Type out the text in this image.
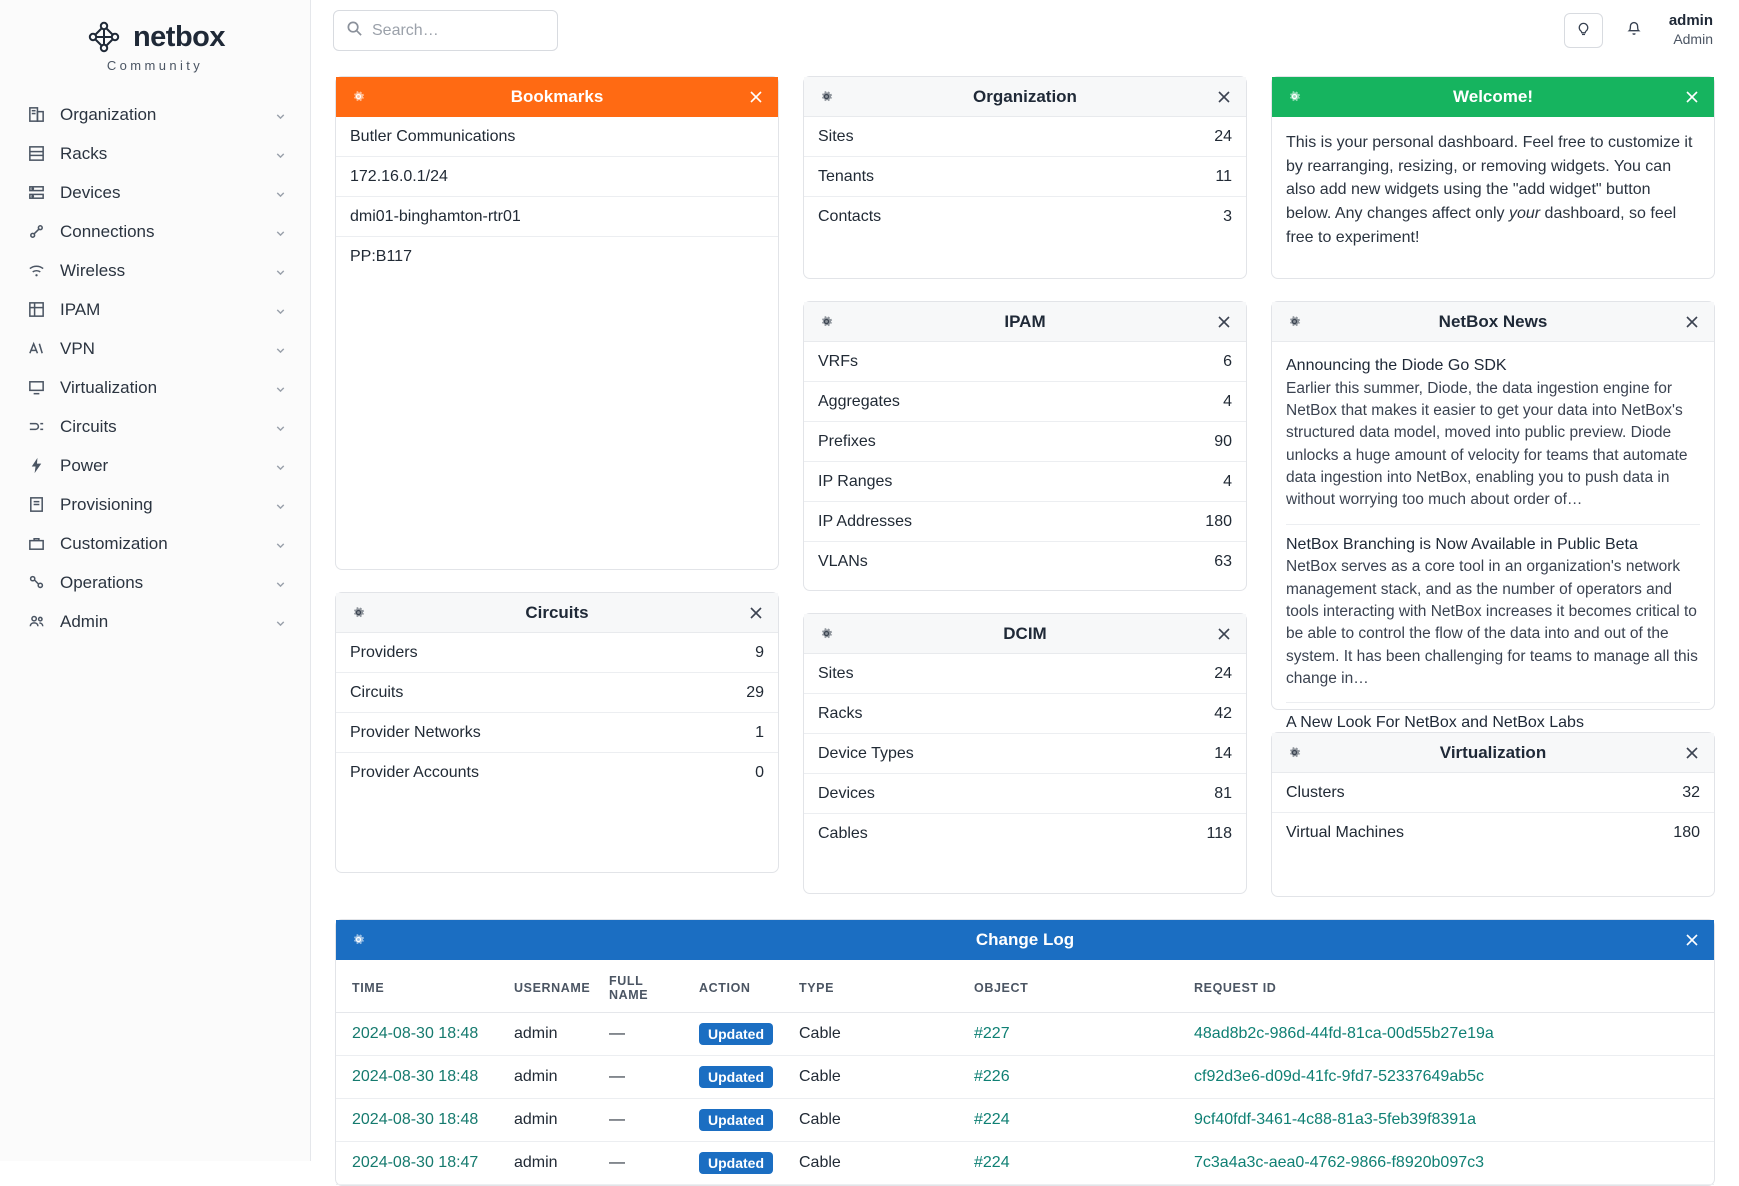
netbox
Community
Organization
Racks
Devices
Connections
Wireless
IPAM
VPN
Virtualization
Circuits
Power
Provisioning
Customization
Operations
Admin
Search…
admin
Admin
Bookmarks
Butler Communications
172.16.0.1/24
dmi01-binghamton-rtr01
PP:B117
Circuits
Providers	9
Circuits	29
Provider Networks	1
Provider Accounts	0
Organization
Sites	24
Tenants	11
Contacts	3
IPAM
VRFs	6
Aggregates	4
Prefixes	90
IP Ranges	4
IP Addresses	180
VLANs	63
DCIM
Sites	24
Racks	42
Device Types	14
Devices	81
Cables	118
Welcome!
This is your personal dashboard. Feel free to customize it by rearranging, resizing, or removing widgets. You can also add new widgets using the "add widget" button below. Any changes affect only your dashboard, so feel free to experiment!
NetBox News
Announcing the Diode Go SDK
Earlier this summer, Diode, the data ingestion engine for NetBox that makes it easier to get your data into NetBox's structured data model, moved into public preview. Diode unlocks a huge amount of velocity for teams that automate data ingestion into NetBox, enabling you to push data in without worrying too much about order of…
NetBox Branching is Now Available in Public Beta
NetBox serves as a core tool in an organization's network management stack, and as the number of operators and tools interacting with NetBox increases it becomes critical to be able to control the flow of the data into and out of the system. It has been challenging for teams to manage all this change in…
A New Look For NetBox and NetBox Labs
Virtualization
Clusters	32
Virtual Machines	180
Change Log
TIME	USERNAME	FULL NAME	ACTION	TYPE	OBJECT	REQUEST ID
2024-08-30 18:48	admin	—	Updated	Cable	#227	48ad8b2c-986d-44fd-81ca-00d55b27e19a
2024-08-30 18:48	admin	—	Updated	Cable	#226	cf92d3e6-d09d-41fc-9fd7-52337649ab5c
2024-08-30 18:48	admin	—	Updated	Cable	#224	9cf40fdf-3461-4c88-81a3-5feb39f8391a
2024-08-30 18:47	admin	—	Updated	Cable	#224	7c3a4a3c-aea0-4762-9866-f8920b097c3
